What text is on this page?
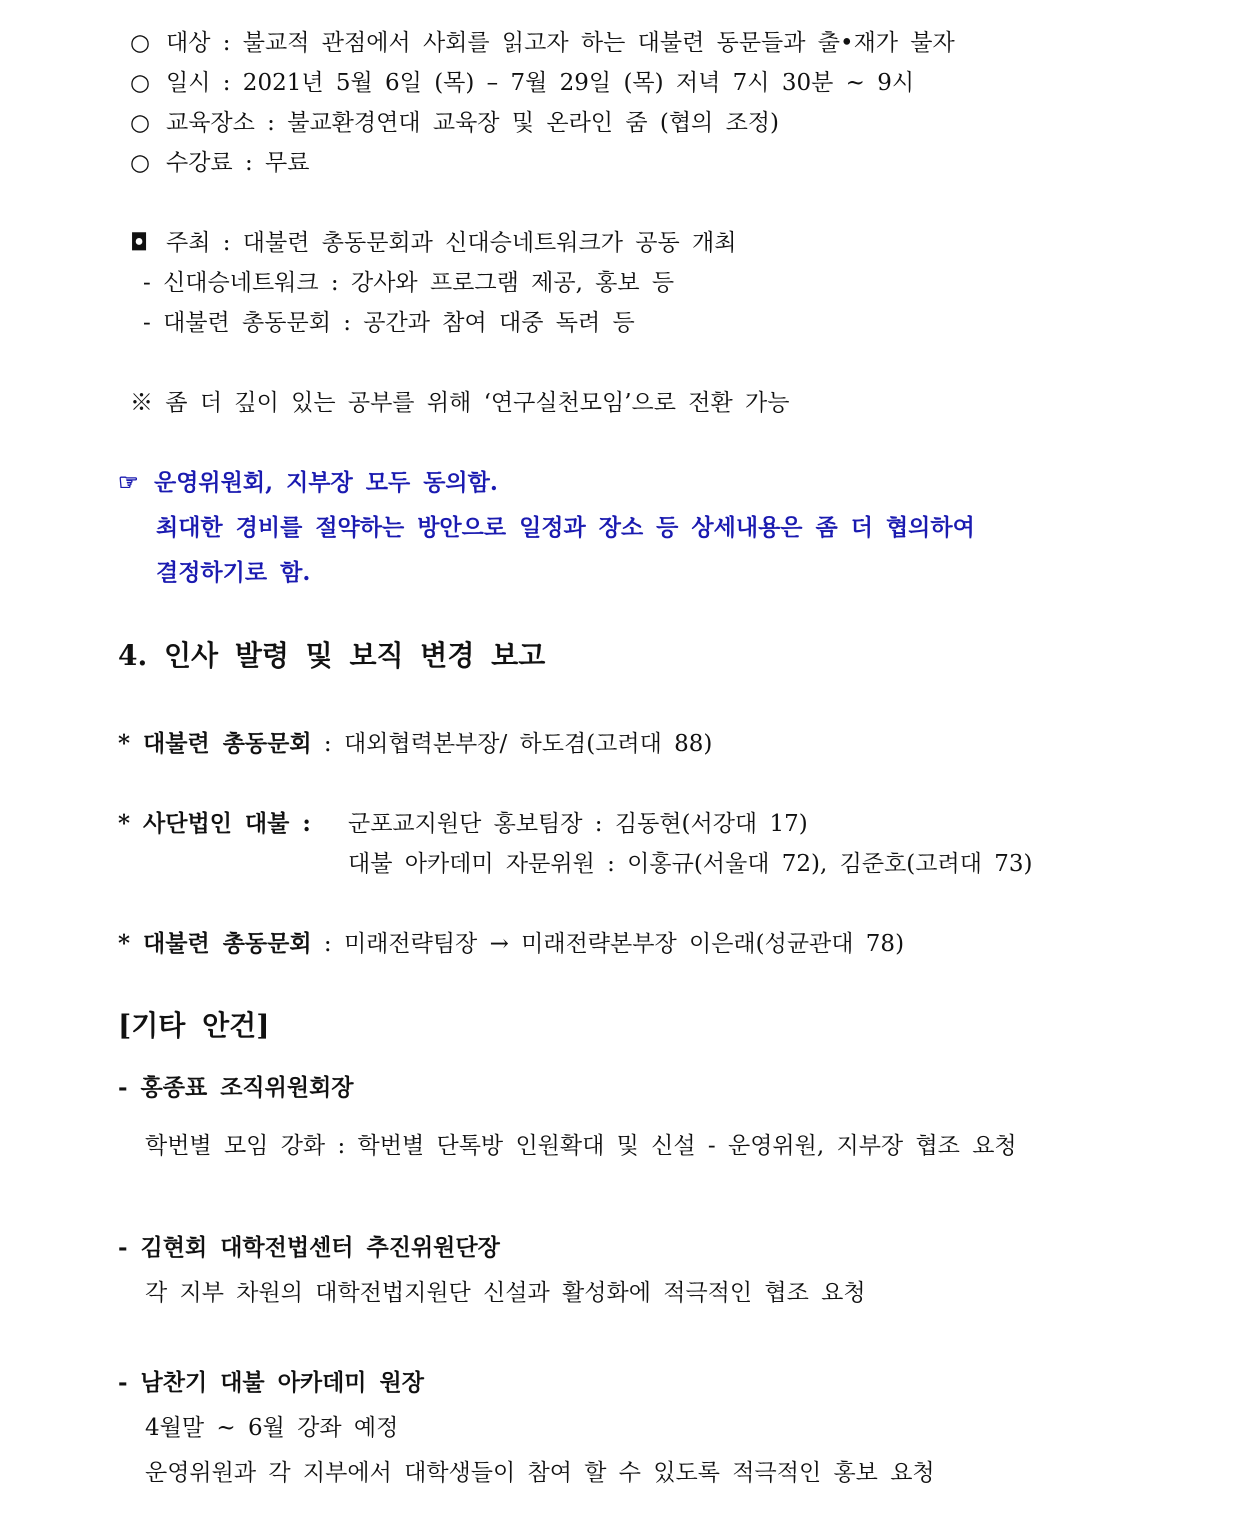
○ 대상 : 불교적 관점에서 사회를 읽고자 하는 대불련 동문들과 출•재가 불자
○ 일시 : 2021년 5월 6일 (목) – 7월 29일 (목) 저녁 7시 30분 ~ 9시
○ 교육장소 : 불교환경연대 교육장 및 온라인 줌 (협의 조정)
○ 수강료 : 무료
◘ 주최 : 대불련 총동문회과 신대승네트워크가 공동 개최
- 신대승네트워크 : 강사와 프로그램 제공, 홍보 등
- 대불련 총동문회 : 공간과 참여 대중 독려 등
※ 좀 더 깊이 있는 공부를 위해 ‘연구실천모임’으로 전환 가능
☞ 운영위원회, 지부장 모두 동의함.
최대한 경비를 절약하는 방안으로 일정과 장소 등 상세내용은 좀 더 협의하여
결정하기로 함.
4. 인사 발령 및 보직 변경 보고
* 대불련 총동문회 : 대외협력본부장/ 하도겸(고려대 88)
* 사단법인 대불 : 군포교지원단 홍보팀장 : 김동현(서강대 17)
대불 아카데미 자문위원 : 이홍규(서울대 72), 김준호(고려대 73)
* 대불련 총동문회 : 미래전략팀장 → 미래전략본부장 이은래(성균관대 78)
[기타 안건]
- 홍종표 조직위원회장
학번별 모임 강화 : 학번별 단톡방 인원확대 및 신설 - 운영위원, 지부장 협조 요청
- 김현회 대학전법센터 추진위원단장
각 지부 차원의 대학전법지원단 신설과 활성화에 적극적인 협조 요청
- 남찬기 대불 아카데미 원장
4월말 ~ 6월 강좌 예정
운영위원과 각 지부에서 대학생들이 참여 할 수 있도록 적극적인 홍보 요청
